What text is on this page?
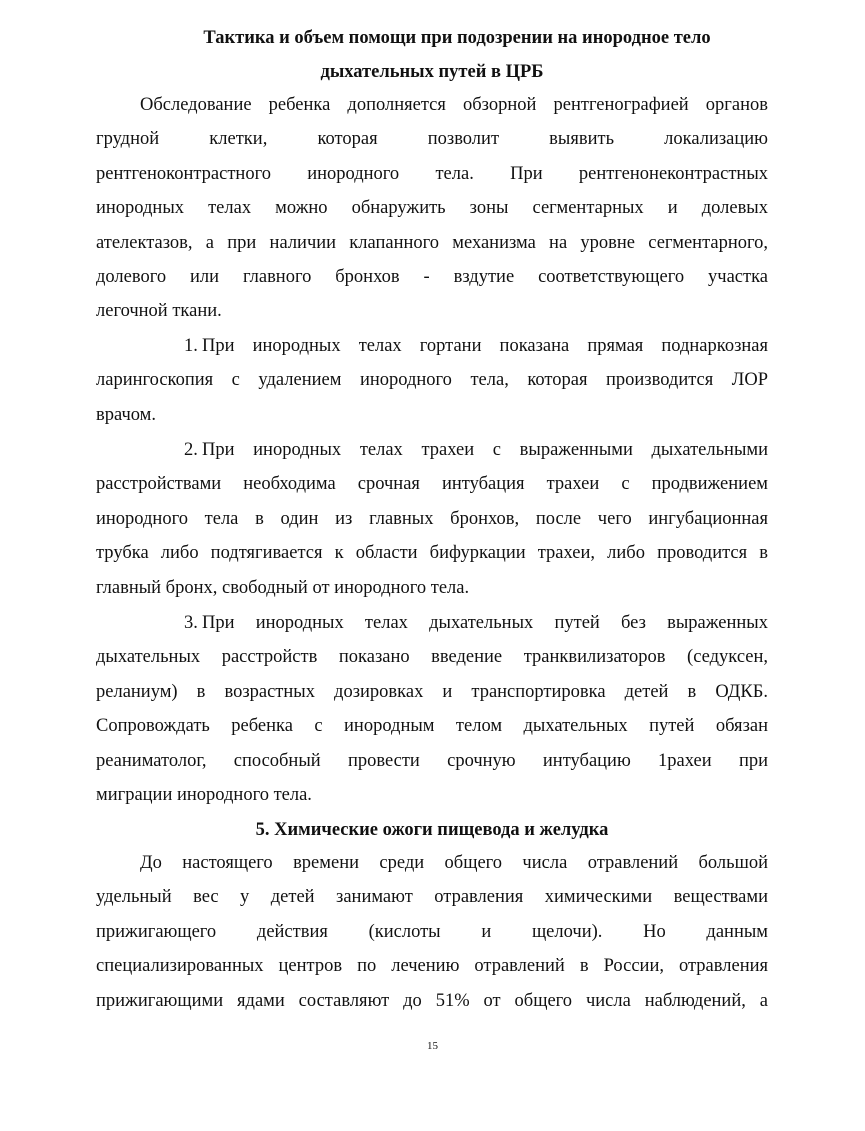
Тактика и объем помощи при подозрении на инородное тело
дыхательных путей в ЦРБ
Обследование ребенка дополняется обзорной рентгенографией органов
грудной клетки, которая позволит выявить локализацию
рентгеноконтрастного инородного тела. При рентгенонеконтрастных
инородных телах можно обнаружить зоны сегментарных и долевых
ателектазов, а при наличии клапанного механизма на уровне сегментарного,
долевого или главного бронхов - вздутие соответствующего участка
легочной ткани.
1. При инородных телах гортани показана прямая поднаркозная
ларингоскопия с удалением инородного тела, которая производится ЛОР
врачом.
2. При инородных телах трахеи с выраженными дыхательными
расстройствами необходима срочная интубация трахеи с продвижением
инородного тела в один из главных бронхов, после чего ингубационная
трубка либо подтягивается к области бифуркации трахеи, либо проводится в
главный бронх, свободный от инородного тела.
3. При инородных телах дыхательных путей без выраженных
дыхательных расстройств показано введение транквилизаторов (седуксен,
реланиум) в возрастных дозировках и транспортировка детей в ОДКБ.
Сопровождать ребенка с инородным телом дыхательных путей обязан
реаниматолог, способный провести срочную интубацию 1рахеи при
миграции инородного тела.
5. Химические ожоги пищевода и желудка
До настоящего времени среди общего числа отравлений большой
удельный вес у детей занимают отравления химическими веществами
прижигающего действия (кислоты и щелочи). Но данным
специализированных центров по лечению отравлений в России, отравления
прижигающими ядами составляют до 51% от общего числа наблюдений, а
15
